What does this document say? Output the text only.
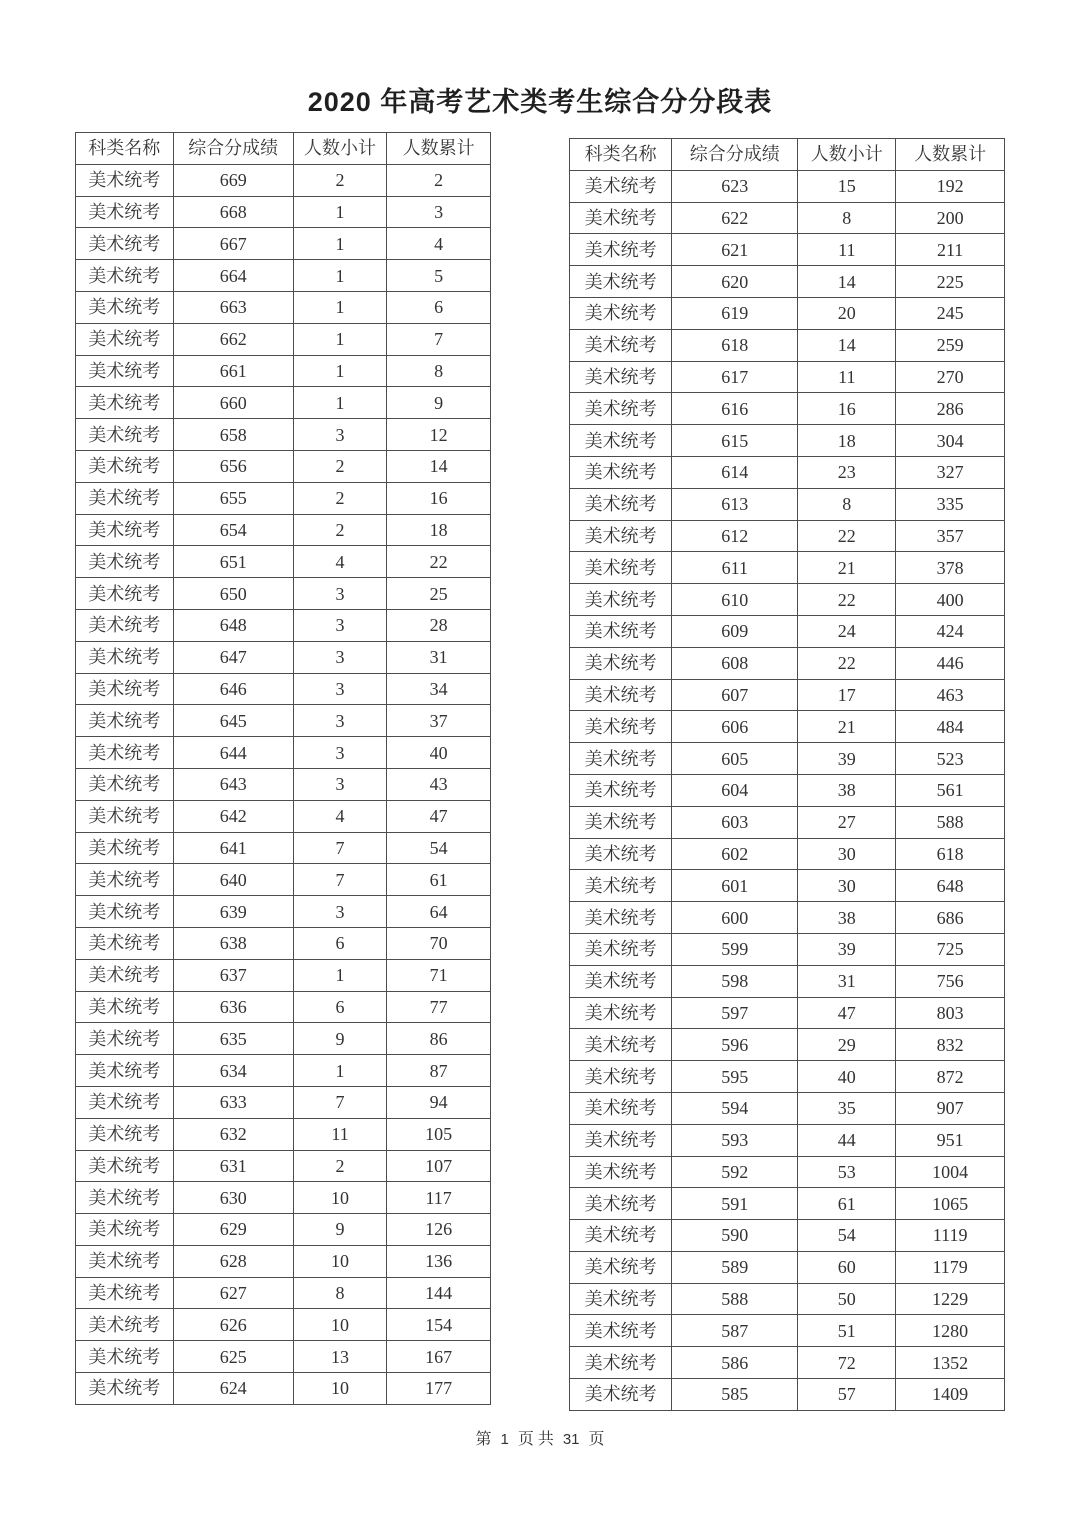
2020 年高考艺术类考生综合分分段表
科类名称	综合分成绩	人数小计	人数累计
美术统考	669	2	2
美术统考	668	1	3
美术统考	667	1	4
美术统考	664	1	5
美术统考	663	1	6
美术统考	662	1	7
美术统考	661	1	8
美术统考	660	1	9
美术统考	658	3	12
美术统考	656	2	14
美术统考	655	2	16
美术统考	654	2	18
美术统考	651	4	22
美术统考	650	3	25
美术统考	648	3	28
美术统考	647	3	31
美术统考	646	3	34
美术统考	645	3	37
美术统考	644	3	40
美术统考	643	3	43
美术统考	642	4	47
美术统考	641	7	54
美术统考	640	7	61
美术统考	639	3	64
美术统考	638	6	70
美术统考	637	1	71
美术统考	636	6	77
美术统考	635	9	86
美术统考	634	1	87
美术统考	633	7	94
美术统考	632	11	105
美术统考	631	2	107
美术统考	630	10	117
美术统考	629	9	126
美术统考	628	10	136
美术统考	627	8	144
美术统考	626	10	154
美术统考	625	13	167
美术统考	624	10	177
科类名称	综合分成绩	人数小计	人数累计
美术统考	623	15	192
美术统考	622	8	200
美术统考	621	11	211
美术统考	620	14	225
美术统考	619	20	245
美术统考	618	14	259
美术统考	617	11	270
美术统考	616	16	286
美术统考	615	18	304
美术统考	614	23	327
美术统考	613	8	335
美术统考	612	22	357
美术统考	611	21	378
美术统考	610	22	400
美术统考	609	24	424
美术统考	608	22	446
美术统考	607	17	463
美术统考	606	21	484
美术统考	605	39	523
美术统考	604	38	561
美术统考	603	27	588
美术统考	602	30	618
美术统考	601	30	648
美术统考	600	38	686
美术统考	599	39	725
美术统考	598	31	756
美术统考	597	47	803
美术统考	596	29	832
美术统考	595	40	872
美术统考	594	35	907
美术统考	593	44	951
美术统考	592	53	1004
美术统考	591	61	1065
美术统考	590	54	1119
美术统考	589	60	1179
美术统考	588	50	1229
美术统考	587	51	1280
美术统考	586	72	1352
美术统考	585	57	1409
第 1 页 共 31 页
